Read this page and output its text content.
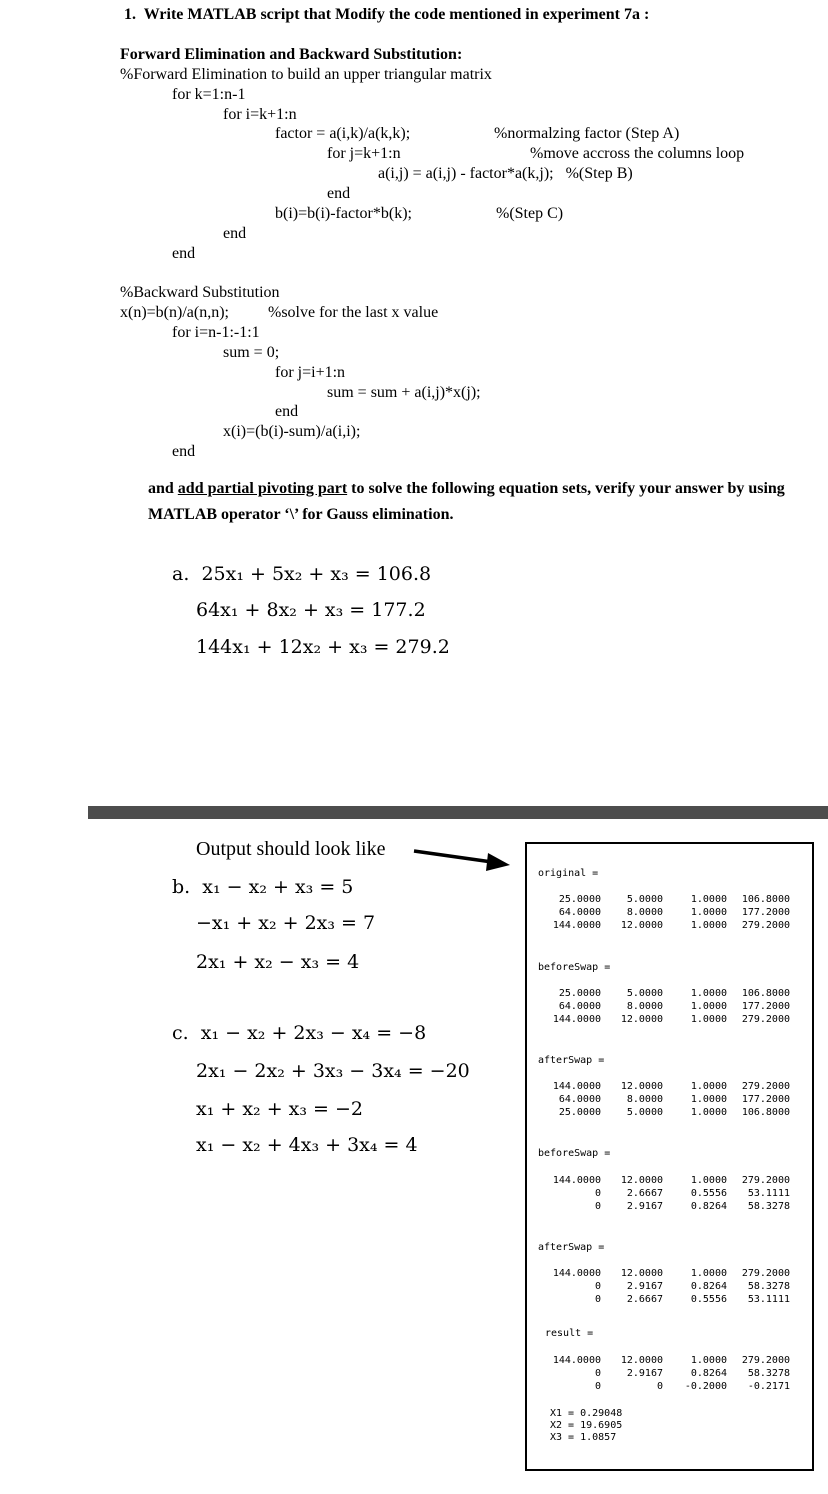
1.  Write MATLAB script that Modify the code mentioned in experiment 7a :
Forward Elimination and Backward Substitution:
%Forward Elimination to build an upper triangular matrix
for k=1:n-1
for i=k+1:n
factor = a(i,k)/a(k,k);	%normalzing factor (Step A)
for j=k+1:n	%move accross the columns loop
a(i,j) = a(i,j) - factor*a(k,j);   %(Step B)
end
b(i)=b(i)-factor*b(k);	%(Step C)
end
end
%Backward Substitution
x(n)=b(n)/a(n,n); %solve for the last x value
for i=n-1:-1:1
sum = 0;
for j=i+1:n
sum = sum + a(i,j)*x(j);
end
x(i)=(b(i)-sum)/a(i,i);
end
and add partial pivoting part to solve the following equation sets, verify your answer by using
MATLAB operator ‘\’ for Gauss elimination.
a.  25x₁ + 5x₂ + x₃ = 106.8
64x₁ + 8x₂ + x₃ = 177.2
144x₁ + 12x₂ + x₃ = 279.2
Output should look like
b.  x₁ − x₂ + x₃ = 5
−x₁ + x₂ + 2x₃ = 7
2x₁ + x₂ − x₃ = 4
c.  x₁ − x₂ + 2x₃ − x₄ = −8
2x₁ − 2x₂ + 3x₃ − 3x₄ = −20
x₁ + x₂ + x₃ = −2
x₁ − x₂ + 4x₃ + 3x₄ = 4
original =
25.0000	5.0000	1.0000 106.8000
64.0000	8.0000	1.0000 177.2000
144.0000 12.0000	1.0000 279.2000
beforeSwap =
25.0000	5.0000	1.0000 106.8000
64.0000	8.0000	1.0000 177.2000
144.0000 12.0000	1.0000 279.2000
afterSwap =
144.0000 12.0000	1.0000 279.2000
64.0000	8.0000	1.0000 177.2000
25.0000	5.0000	1.0000 106.8000
beforeSwap =
144.0000 12.0000	1.0000 279.2000
0	2.6667	0.5556 53.1111
0	2.9167	0.8264 58.3278
afterSwap =
144.0000 12.0000	1.0000 279.2000
0	2.9167	0.8264 58.3278
0	2.6667	0.5556 53.1111
result =
144.0000 12.0000	1.0000 279.2000
0	2.9167	0.8264 58.3278
0	0 -0.2000 -0.2171
X1 = 0.29048
X2 = 19.6905
X3 = 1.0857
